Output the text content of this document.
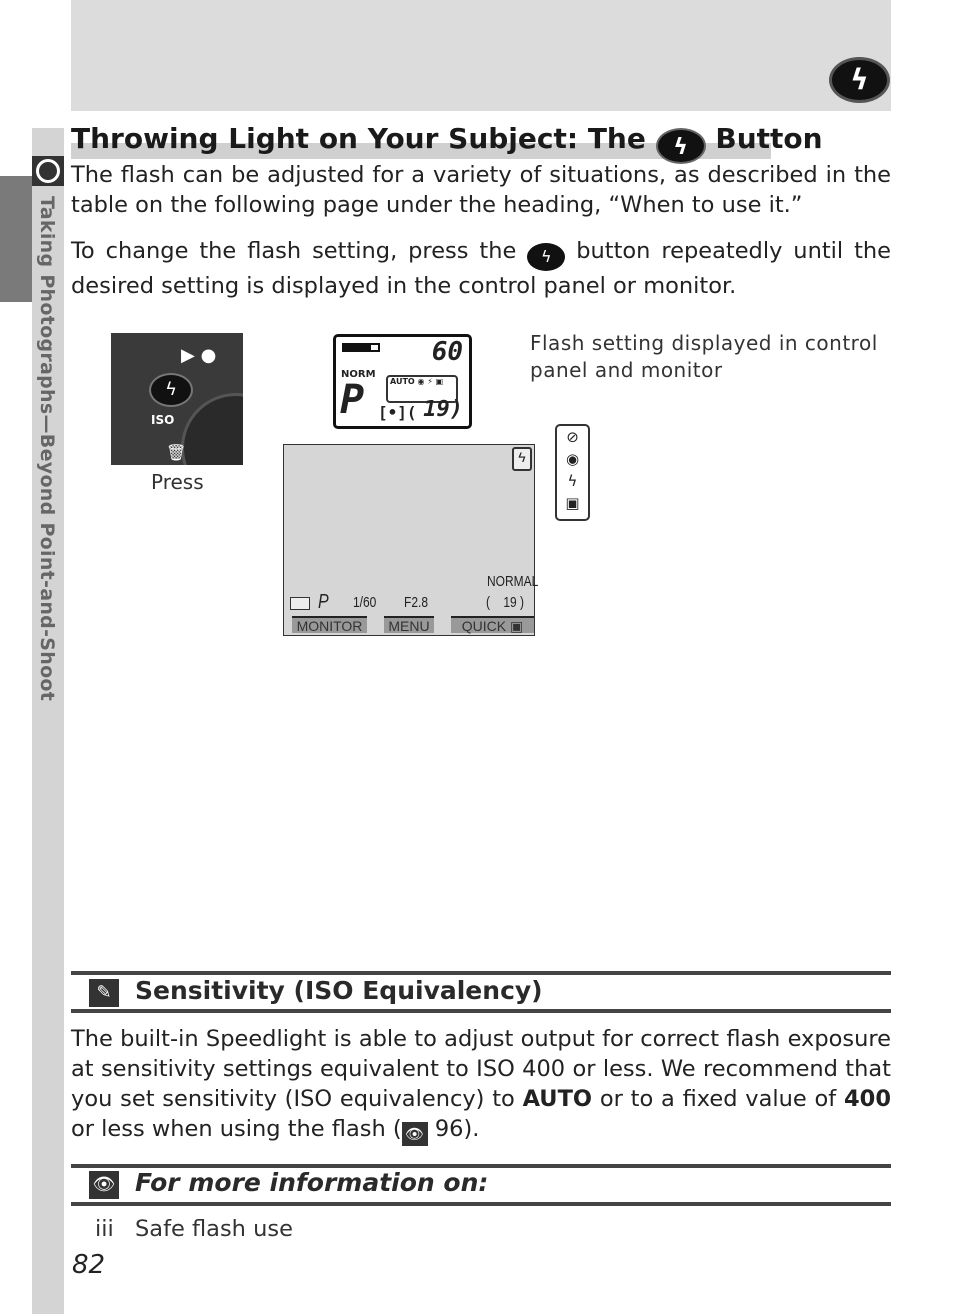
ϟ
Taking Photographs—Beyond Point-and-Shoot
Throwing Light on Your Subject: The ϟ Button

The flash can be adjusted for a variety of situations, as described in the table on the following page under the heading, “When to use it.”

To change the flash setting, press the ϟ button repeatedly until the desired setting is displayed in the control panel or monitor.

ϟ
ISO
🗑
▶ ●
Press
60
NORM
P	AUTO ◉ ⚡ ▣
[•]( 19)
Flash setting displayed in control panel and monitor
ϟ
NORMAL
(    19 )
P 1/60 F2.8
MONITOR	MENU	QUICK ▣
⊘
◉
ϟ
▣
✎ Sensitivity (ISO Equivalency)

The built-in Speedlight is able to adjust output for correct flash exposure at sensitivity settings equivalent to ISO 400 or less. We recommend that you set sensitivity (ISO equivalency) to AUTO or to a fixed value of 400 or less when using the flash ( 👁 96).

👁 For more information on:
iii Safe flash use
82
